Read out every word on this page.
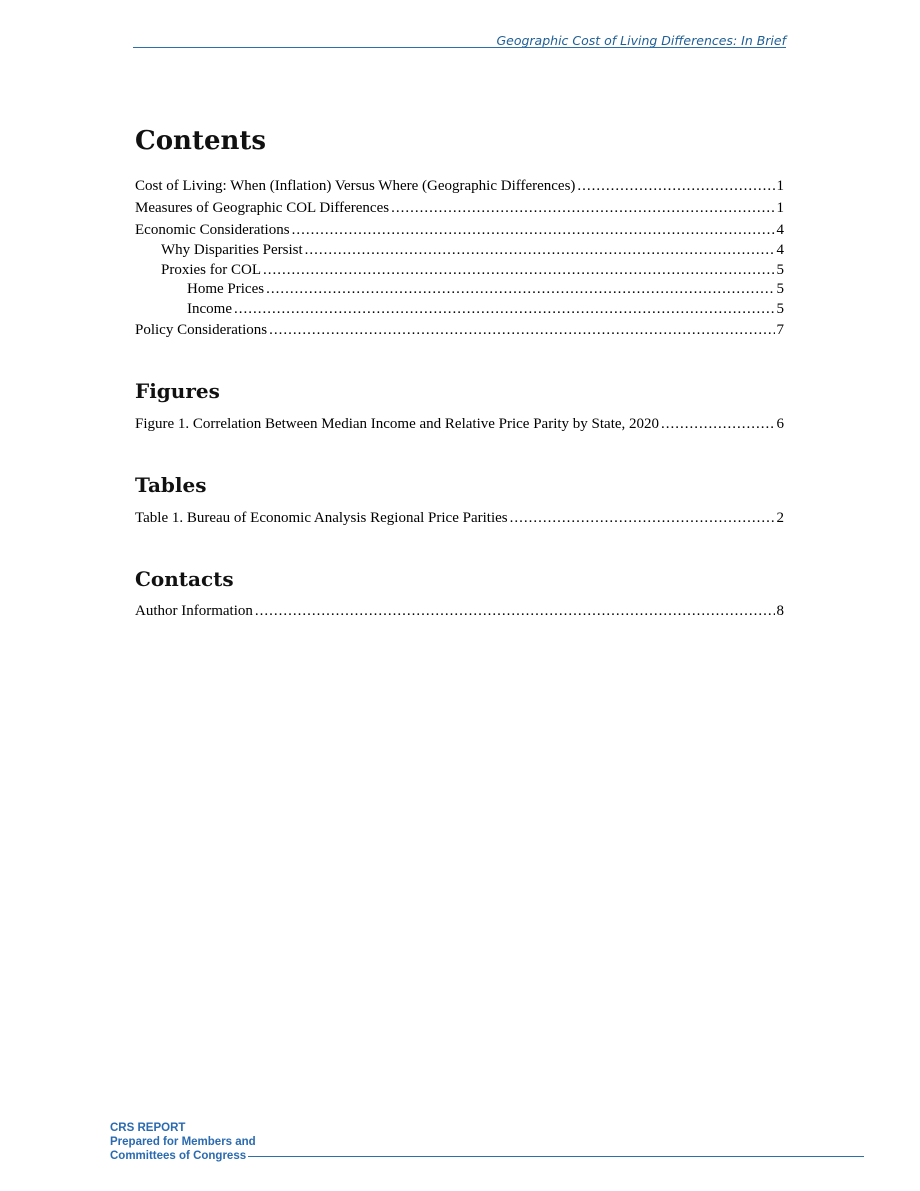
Geographic Cost of Living Differences: In Brief
Contents
Cost of Living: When (Inflation) Versus Where (Geographic Differences) .....	1
Measures of Geographic COL Differences .....	1
Economic Considerations .....	4
Why Disparities Persist .....	4
Proxies for COL .....	5
Home Prices .....	5
Income .....	5
Policy Considerations .....	7
Figures
Figure 1. Correlation Between Median Income and Relative Price Parity by State, 2020 .....	6
Tables
Table 1. Bureau of Economic Analysis Regional Price Parities .....	2
Contacts
Author Information .....	8
CRS REPORT
Prepared for Members and
Committees of Congress
